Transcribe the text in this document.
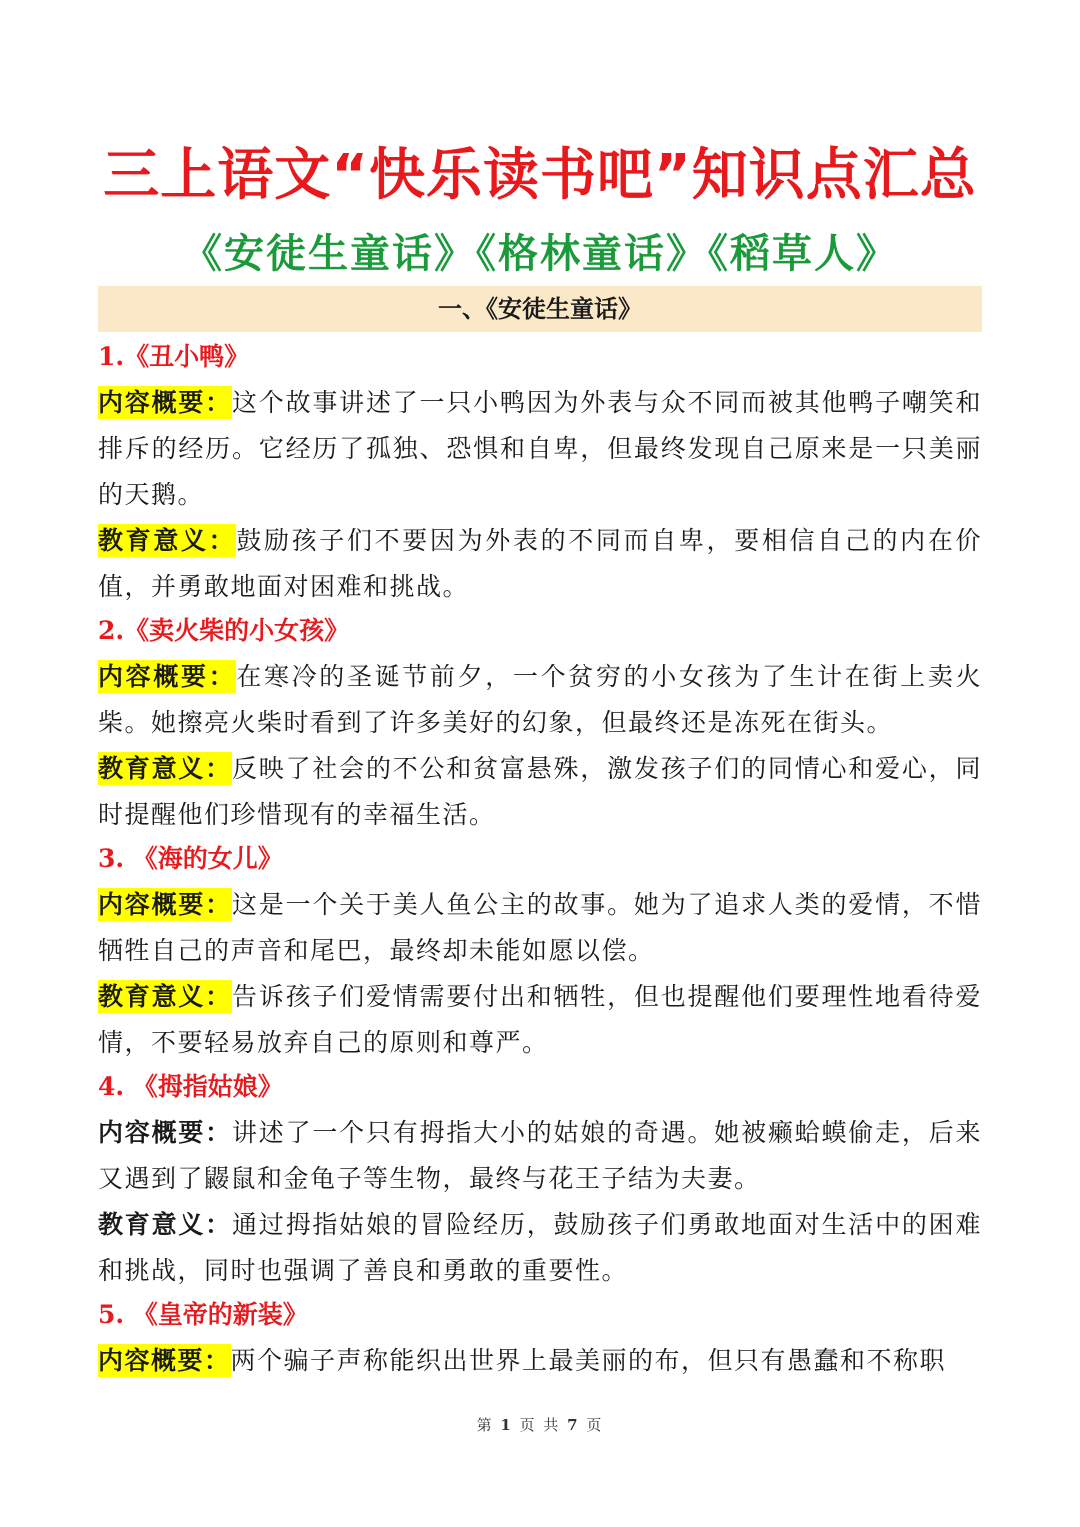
三上语文“快乐读书吧”知识点汇总
《安徒生童话》《格林童话》《稻草人》
一、《安徒生童话》

1.《丑小鸭》

内容概要：这个故事讲述了一只小鸭因为外表与众不同而被其他鸭子嘲笑和排斥的经历。它经历了孤独、恐惧和自卑，但最终发现自己原来是一只美丽的天鹅。

教育意义：鼓励孩子们不要因为外表的不同而自卑，要相信自己的内在价值，并勇敢地面对困难和挑战。

2.《卖火柴的小女孩》

内容概要：在寒冷的圣诞节前夕，一个贫穷的小女孩为了生计在街上卖火柴。她擦亮火柴时看到了许多美好的幻象，但最终还是冻死在街头。

教育意义：反映了社会的不公和贫富悬殊，激发孩子们的同情心和爱心，同时提醒他们珍惜现有的幸福生活。

3. 《海的女儿》

内容概要：这是一个关于美人鱼公主的故事。她为了追求人类的爱情，不惜牺牲自己的声音和尾巴，最终却未能如愿以偿。

教育意义：告诉孩子们爱情需要付出和牺牲，但也提醒他们要理性地看待爱情，不要轻易放弃自己的原则和尊严。

4. 《拇指姑娘》

内容概要：讲述了一个只有拇指大小的姑娘的奇遇。她被癞蛤蟆偷走，后来又遇到了鼹鼠和金龟子等生物，最终与花王子结为夫妻。

教育意义：通过拇指姑娘的冒险经历，鼓励孩子们勇敢地面对生活中的困难和挑战，同时也强调了善良和勇敢的重要性。

5. 《皇帝的新装》

内容概要：两个骗子声称能织出世界上最美丽的布，但只有愚蠢和不称职

第 1 页 共 7 页
